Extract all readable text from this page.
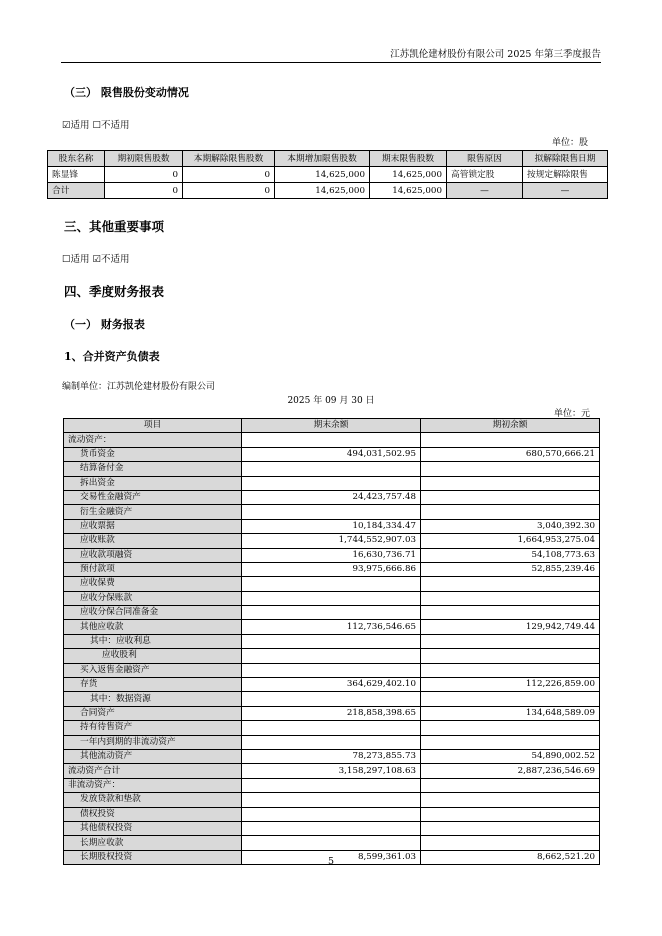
江苏凯伦建材股份有限公司 2025 年第三季度报告
（三） 限售股份变动情况
☑适用 ☐不适用
单位：股
股东名称	期初限售股数	本期解除限售股数	本期增加限售股数	期末限售股数	限售原因	拟解除限售日期
陈显锋	0	0	14,625,000	14,625,000	高管锁定股	按规定解除限售
合计	0	0	14,625,000	14,625,000	—	—
三、其他重要事项
☐适用 ☑不适用
四、季度财务报表
（一） 财务报表
1、合并资产负债表
编制单位：江苏凯伦建材股份有限公司
2025 年 09 月 30 日
单位：元
项目	期末余额	期初余额
流动资产：		
货币资金	494,031,502.95	680,570,666.21
结算备付金		
拆出资金		
交易性金融资产	24,423,757.48	
衍生金融资产		
应收票据	10,184,334.47	3,040,392.30
应收账款	1,744,552,907.03	1,664,953,275.04
应收款项融资	16,630,736.71	54,108,773.63
预付款项	93,975,666.86	52,855,239.46
应收保费		
应收分保账款		
应收分保合同准备金		
其他应收款	112,736,546.65	129,942,749.44
其中：应收利息		
应收股利		
买入返售金融资产		
存货	364,629,402.10	112,226,859.00
其中：数据资源		
合同资产	218,858,398.65	134,648,589.09
持有待售资产		
一年内到期的非流动资产		
其他流动资产	78,273,855.73	54,890,002.52
流动资产合计	3,158,297,108.63	2,887,236,546.69
非流动资产：		
发放贷款和垫款		
债权投资		
其他债权投资		
长期应收款		
长期股权投资	8,599,361.03	8,662,521.20
5
